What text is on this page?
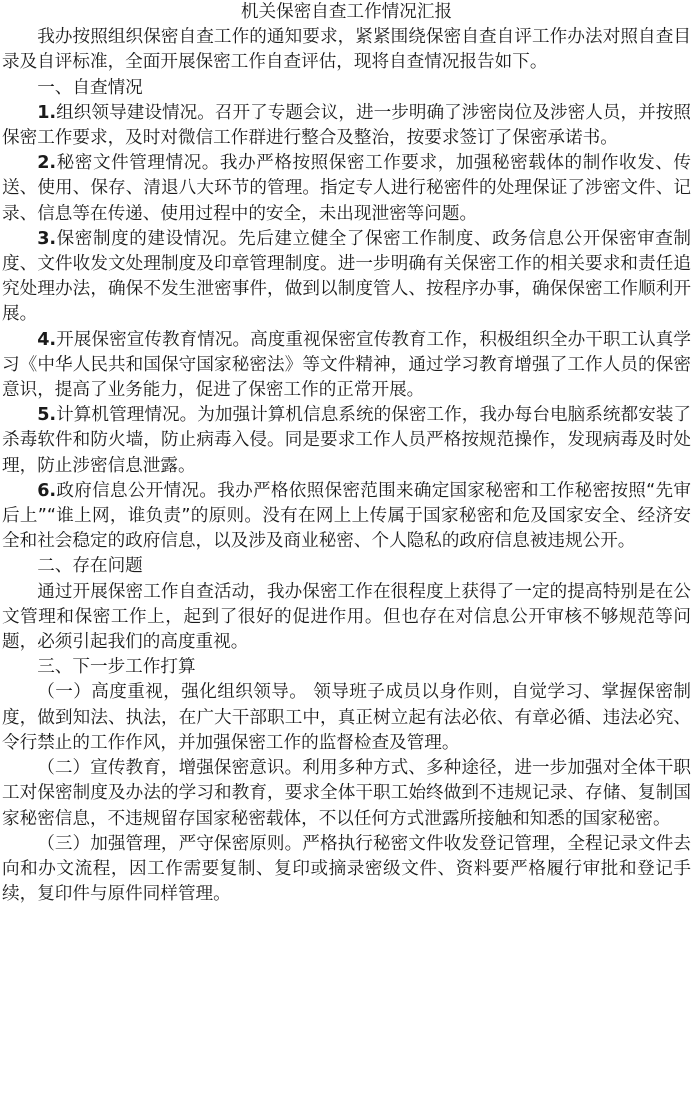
机关保密自查工作情况汇报

我办按照组织保密自查工作的通知要求，紧紧围绕保密自查自评工作办法对照自查目录及自评标准，全面开展保密工作自查评估，现将自查情况报告如下。

一、自查情况

1.组织领导建设情况。召开了专题会议，进一步明确了涉密岗位及涉密人员，并按照保密工作要求，及时对微信工作群进行整合及整治，按要求签订了保密承诺书。

2.秘密文件管理情况。我办严格按照保密工作要求，加强秘密载体的制作收发、传送、使用、保存、清退八大环节的管理。指定专人进行秘密件的处理保证了涉密文件、记录、信息等在传递、使用过程中的安全，未出现泄密等问题。

3.保密制度的建设情况。先后建立健全了保密工作制度、政务信息公开保密审查制度、文件收发文处理制度及印章管理制度。进一步明确有关保密工作的相关要求和责任追究处理办法，确保不发生泄密事件，做到以制度管人、按程序办事，确保保密工作顺利开展。

4.开展保密宣传教育情况。高度重视保密宣传教育工作，积极组织全办干职工认真学习《中华人民共和国保守国家秘密法》等文件精神，通过学习教育增强了工作人员的保密意识，提高了业务能力，促进了保密工作的正常开展。

5.计算机管理情况。为加强计算机信息系统的保密工作，我办每台电脑系统都安装了杀毒软件和防火墙，防止病毒入侵。同是要求工作人员严格按规范操作，发现病毒及时处理，防止涉密信息泄露。

6.政府信息公开情况。我办严格依照保密范围来确定国家秘密和工作秘密按照“先审后上”“谁上网，谁负责”的原则。没有在网上上传属于国家秘密和危及国家安全、经济安全和社会稳定的政府信息，以及涉及商业秘密、个人隐私的政府信息被违规公开。

二、存在问题

通过开展保密工作自查活动，我办保密工作在很程度上获得了一定的提高特别是在公文管理和保密工作上，起到了很好的促进作用。但也存在对信息公开审核不够规范等问题，必须引起我们的高度重视。

三、下一步工作打算

（一）高度重视，强化组织领导。 领导班子成员以身作则，自觉学习、掌握保密制度，做到知法、执法，在广大干部职工中，真正树立起有法必依、有章必循、违法必究、令行禁止的工作作风，并加强保密工作的监督检查及管理。

（二）宣传教育，增强保密意识。利用多种方式、多种途径，进一步加强对全体干职工对保密制度及办法的学习和教育，要求全体干职工始终做到不违规记录、存储、复制国家秘密信息，不违规留存国家秘密载体，不以任何方式泄露所接触和知悉的国家秘密。

（三）加强管理，严守保密原则。严格执行秘密文件收发登记管理，全程记录文件去向和办文流程，因工作需要复制、复印或摘录密级文件、资料要严格履行审批和登记手续，复印件与原件同样管理。
